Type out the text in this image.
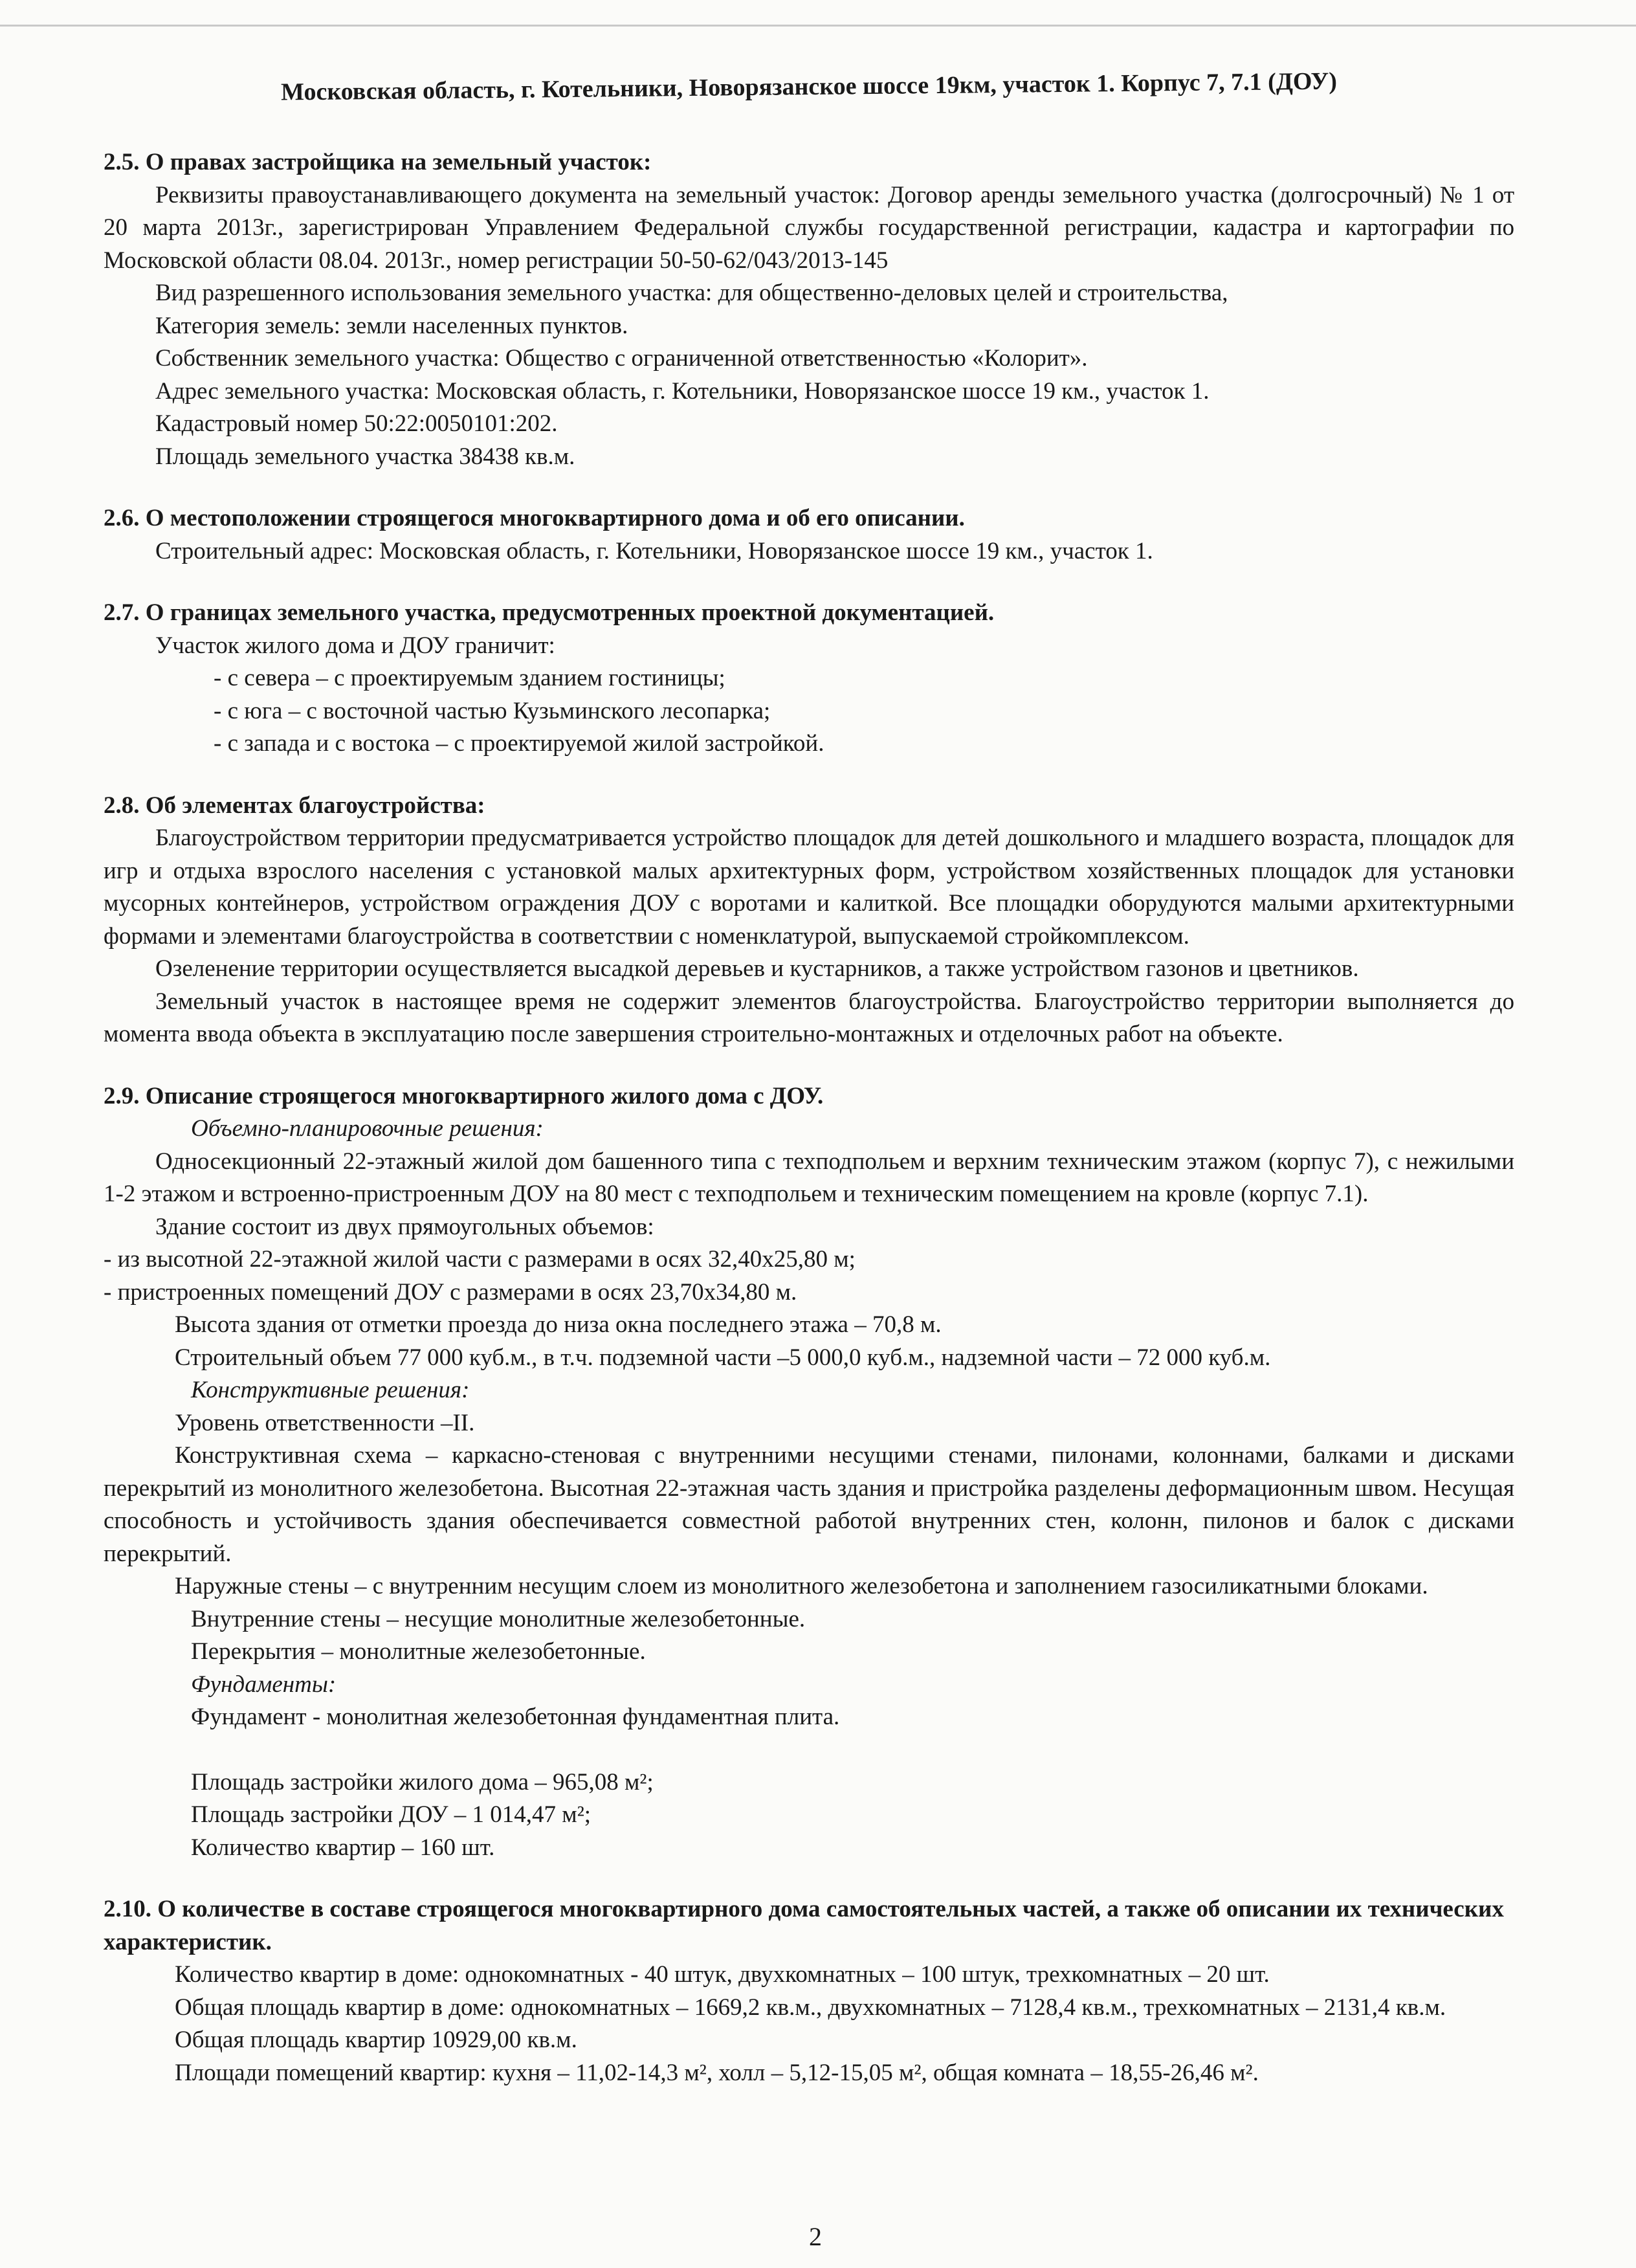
Московская область, г. Котельники, Новорязанское шоссе 19км, участок 1. Корпус 7, 7.1 (ДОУ)

2.5. О правах застройщика на земельный участок:

Реквизиты правоустанавливающего документа на земельный участок: Договор аренды земельного участка (долгосрочный) № 1 от 20 марта 2013г., зарегистрирован Управлением Федеральной службы государственной регистрации, кадастра и картографии по Московской области 08.04. 2013г., номер регистрации 50-50-62/043/2013-145

Вид разрешенного использования земельного участка: для общественно-деловых целей и строительства,

Категория земель: земли населенных пунктов.

Собственник земельного участка: Общество с ограниченной ответственностью «Колорит».

Адрес земельного участка: Московская область, г. Котельники, Новорязанское шоссе 19 км., участок 1.

Кадастровый номер 50:22:0050101:202.

Площадь земельного участка 38438 кв.м.

2.6. О местоположении строящегося многоквартирного дома и об его описании.

Строительный адрес: Московская область, г. Котельники, Новорязанское шоссе 19 км., участок 1.

2.7. О границах земельного участка, предусмотренных проектной документацией.

Участок жилого дома и ДОУ граничит:

- с севера – с проектируемым зданием гостиницы;

- с юга – с восточной частью Кузьминского лесопарка;

- с запада и с востока – с проектируемой жилой застройкой.

2.8. Об элементах благоустройства:

Благоустройством территории предусматривается устройство площадок для детей дошкольного и младшего возраста, площадок для игр и отдыха взрослого населения с установкой малых архитектурных форм, устройством хозяйственных площадок для установки мусорных контейнеров, устройством ограждения ДОУ с воротами и калиткой. Все площадки оборудуются малыми архитектурными формами и элементами благоустройства в соответствии с номенклатурой, выпускаемой стройкомплексом.

Озеленение территории осуществляется высадкой деревьев и кустарников, а также устройством газонов и цветников.

Земельный участок в настоящее время не содержит элементов благоустройства. Благоустройство территории выполняется до момента ввода объекта в эксплуатацию после завершения строительно-монтажных и отделочных работ на объекте.

2.9. Описание строящегося многоквартирного жилого дома с ДОУ.

Объемно-планировочные решения:

Односекционный 22-этажный жилой дом башенного типа с техподпольем и верхним техническим этажом (корпус 7), с нежилыми 1-2 этажом и встроенно-пристроенным ДОУ на 80 мест с техподпольем и техническим помещением на кровле (корпус 7.1).

Здание состоит из двух прямоугольных объемов:

- из высотной 22-этажной жилой части с размерами в осях 32,40х25,80 м;

- пристроенных помещений ДОУ с размерами в осях 23,70х34,80 м.

Высота здания от отметки проезда до низа окна последнего этажа – 70,8 м.

Строительный объем 77 000 куб.м., в т.ч. подземной части –5 000,0 куб.м., надземной части – 72 000 куб.м.

Конструктивные решения:

Уровень ответственности –II.

Конструктивная схема – каркасно-стеновая с внутренними несущими стенами, пилонами, колоннами, балками и дисками перекрытий из монолитного железобетона. Высотная 22-этажная часть здания и пристройка разделены деформационным швом. Несущая способность и устойчивость здания обеспечивается совместной работой внутренних стен, колонн, пилонов и балок с дисками перекрытий.

Наружные стены – с внутренним несущим слоем из монолитного железобетона и заполнением газосиликатными блоками.

Внутренние стены – несущие монолитные железобетонные.

Перекрытия – монолитные железобетонные.

Фундаменты:

Фундамент - монолитная железобетонная фундаментная плита.

Площадь застройки жилого дома – 965,08 м²;

Площадь застройки ДОУ – 1 014,47 м²;

Количество квартир – 160 шт.

2.10. О количестве в составе строящегося многоквартирного дома самостоятельных частей, а также об описании их технических характеристик.

Количество квартир в доме: однокомнатных - 40 штук, двухкомнатных – 100 штук, трехкомнатных – 20 шт.

Общая площадь квартир в доме: однокомнатных – 1669,2 кв.м., двухкомнатных – 7128,4 кв.м., трехкомнатных – 2131,4 кв.м.

Общая площадь квартир 10929,00 кв.м.

Площади помещений квартир: кухня – 11,02-14,3 м², холл – 5,12-15,05 м², общая комната – 18,55-26,46 м².

2
